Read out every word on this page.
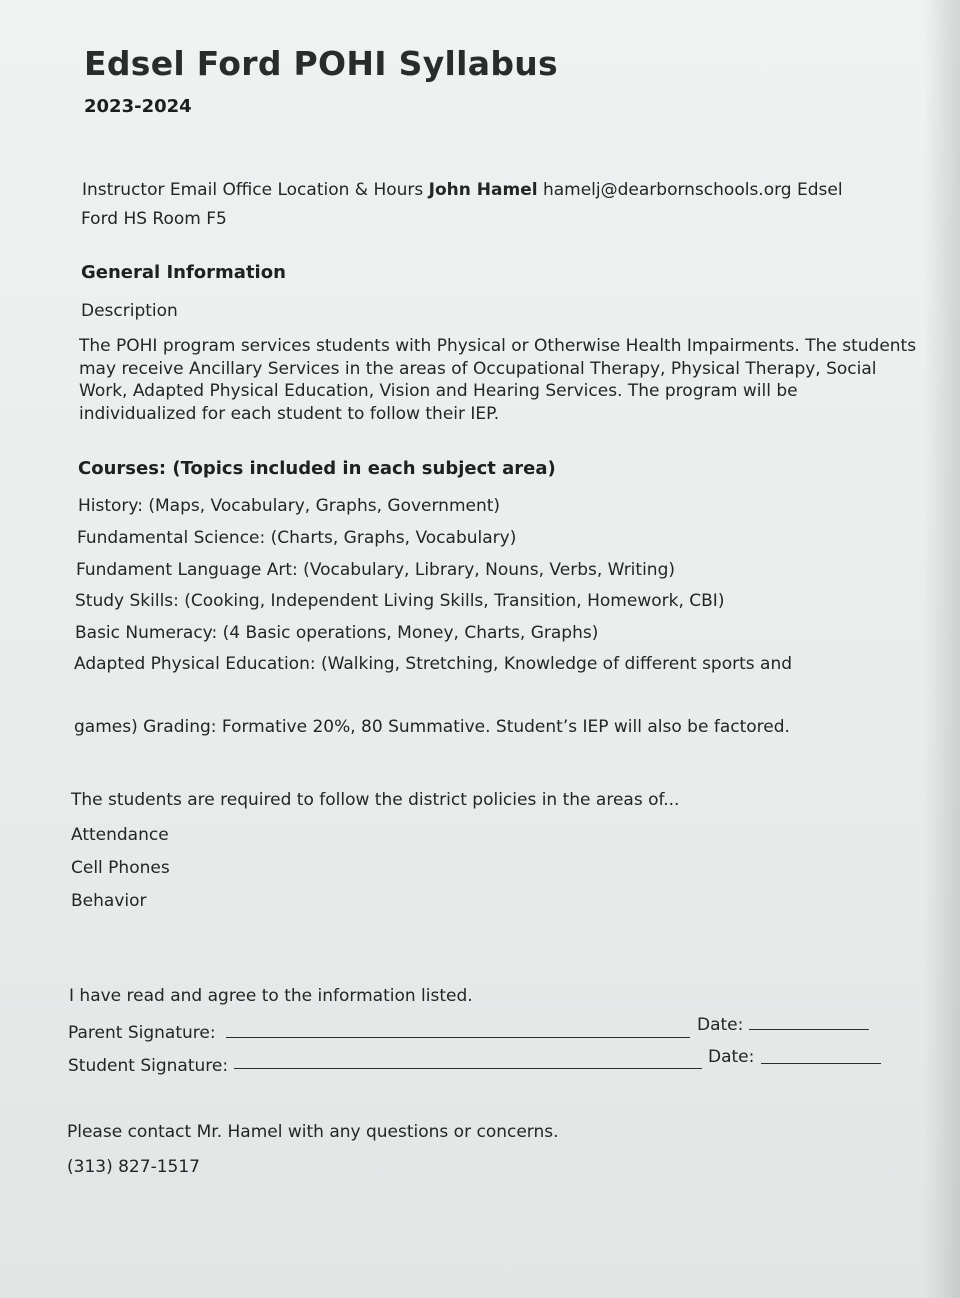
Edsel Ford POHI Syllabus
2023-2024
Instructor Email Office Location & Hours John Hamel hamelj@dearbornschools.org Edsel
Ford HS Room F5
General Information
Description
The POHI program services students with Physical or Otherwise Health Impairments. The students
may receive Ancillary Services in the areas of Occupational Therapy, Physical Therapy, Social
Work, Adapted Physical Education, Vision and Hearing Services. The program will be
individualized for each student to follow their IEP.
Courses: (Topics included in each subject area)
History: (Maps, Vocabulary, Graphs, Government)
Fundamental Science: (Charts, Graphs, Vocabulary)
Fundament Language Art: (Vocabulary, Library, Nouns, Verbs, Writing)
Study Skills: (Cooking, Independent Living Skills, Transition, Homework, CBI)
Basic Numeracy: (4 Basic operations, Money, Charts, Graphs)
Adapted Physical Education: (Walking, Stretching, Knowledge of different sports and
games) Grading: Formative 20%, 80 Summative. Student’s IEP will also be factored.
The students are required to follow the district policies in the areas of...
Attendance
Cell Phones
Behavior
I have read and agree to the information listed.
Parent Signature:	Date:
Student Signature:	Date:
Please contact Mr. Hamel with any questions or concerns.
(313) 827-1517
